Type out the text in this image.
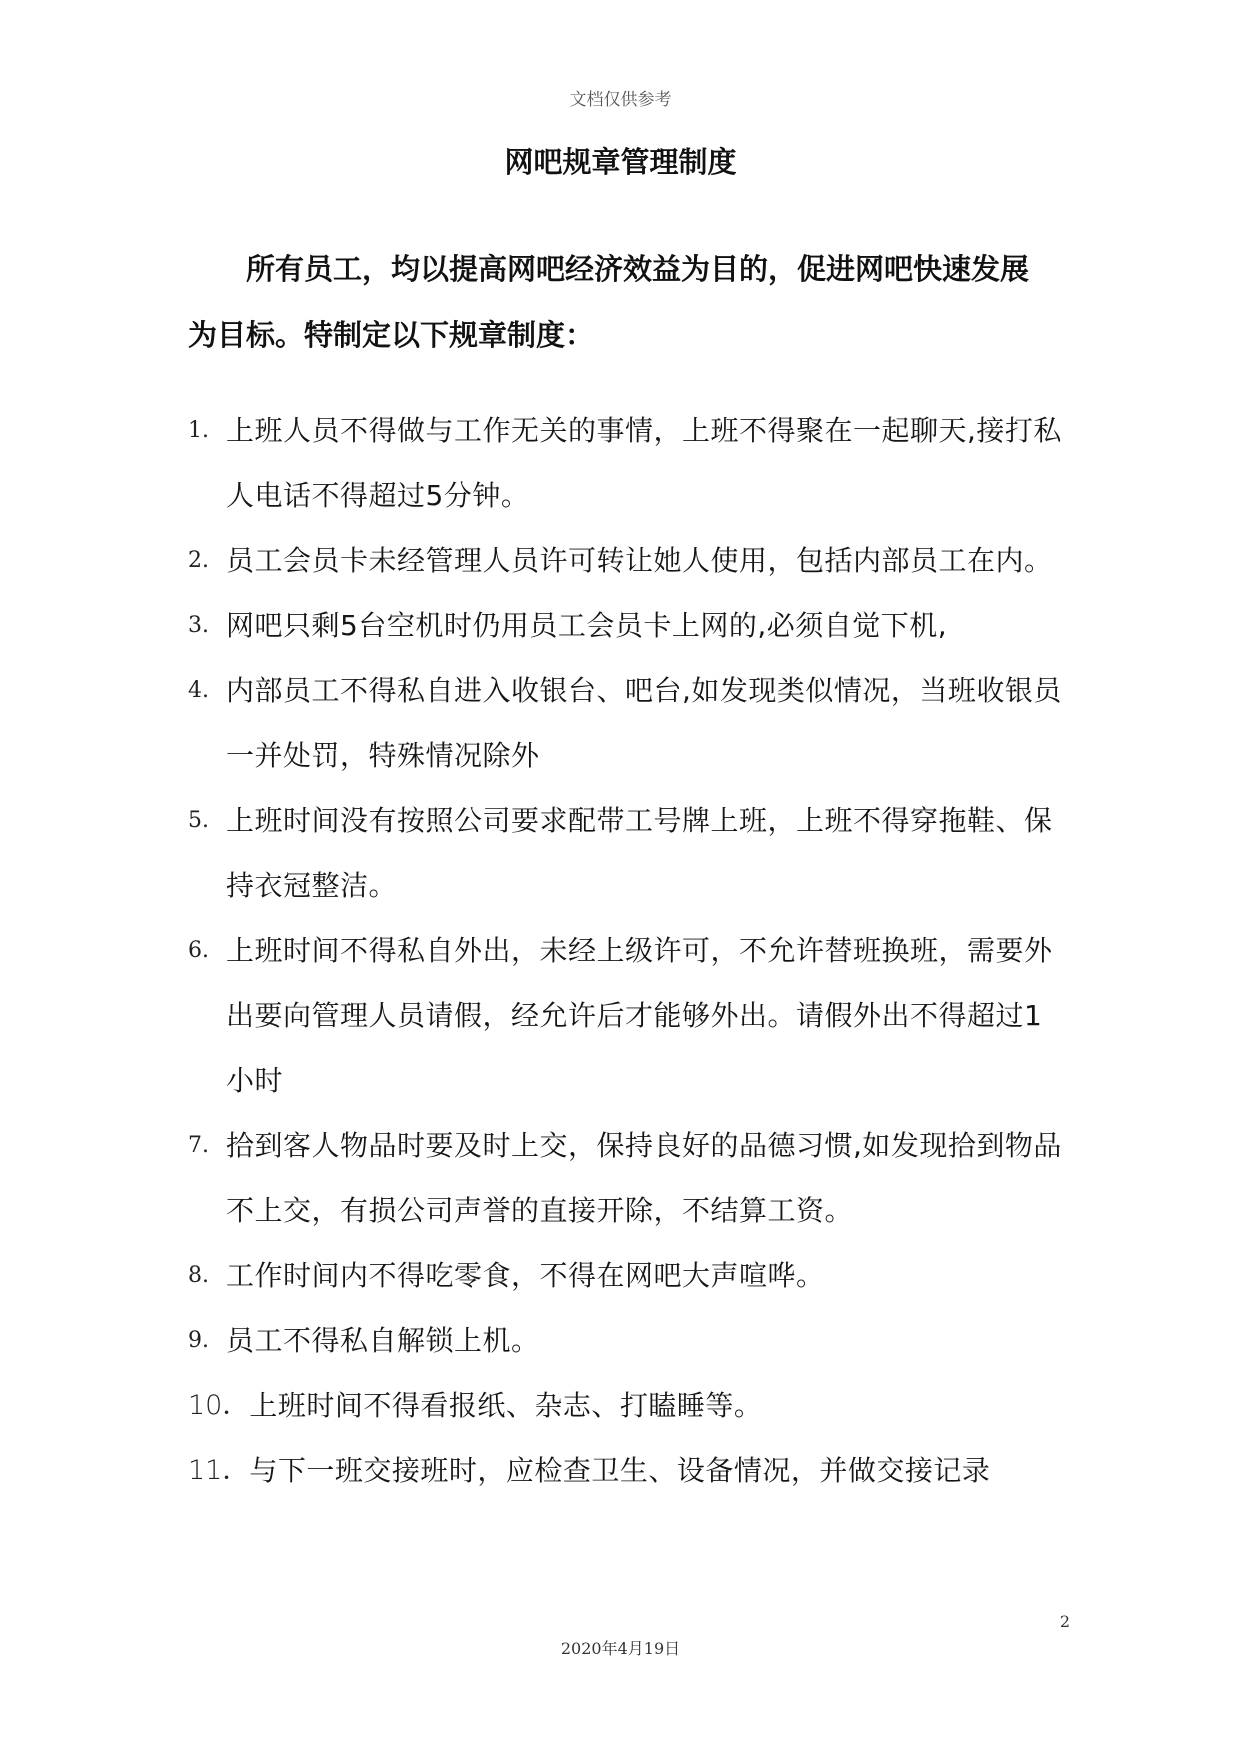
文档仅供参考
网吧规章管理制度

所有员工，均以提高网吧经济效益为目的，促进网吧快速发展为目标。特制定以下规章制度：

1. 上班人员不得做与工作无关的事情，上班不得聚在一起聊天,接打私人电话不得超过5分钟。
2. 员工会员卡未经管理人员许可转让她人使用，包括内部员工在内。
3. 网吧只剩5台空机时仍用员工会员卡上网的,必须自觉下机,
4. 内部员工不得私自进入收银台、吧台,如发现类似情况，当班收银员一并处罚，特殊情况除外
5. 上班时间没有按照公司要求配带工号牌上班，上班不得穿拖鞋、保持衣冠整洁。
6. 上班时间不得私自外出，未经上级许可，不允许替班换班，需要外出要向管理人员请假，经允许后才能够外出。请假外出不得超过1小时
7. 拾到客人物品时要及时上交，保持良好的品德习惯,如发现拾到物品不上交，有损公司声誉的直接开除，不结算工资。
8. 工作时间内不得吃零食，不得在网吧大声喧哗。
9. 员工不得私自解锁上机。
10． 上班时间不得看报纸、杂志、打瞌睡等。
11． 与下一班交接班时，应检查卫生、设备情况，并做交接记录
2
2020年4月19日
